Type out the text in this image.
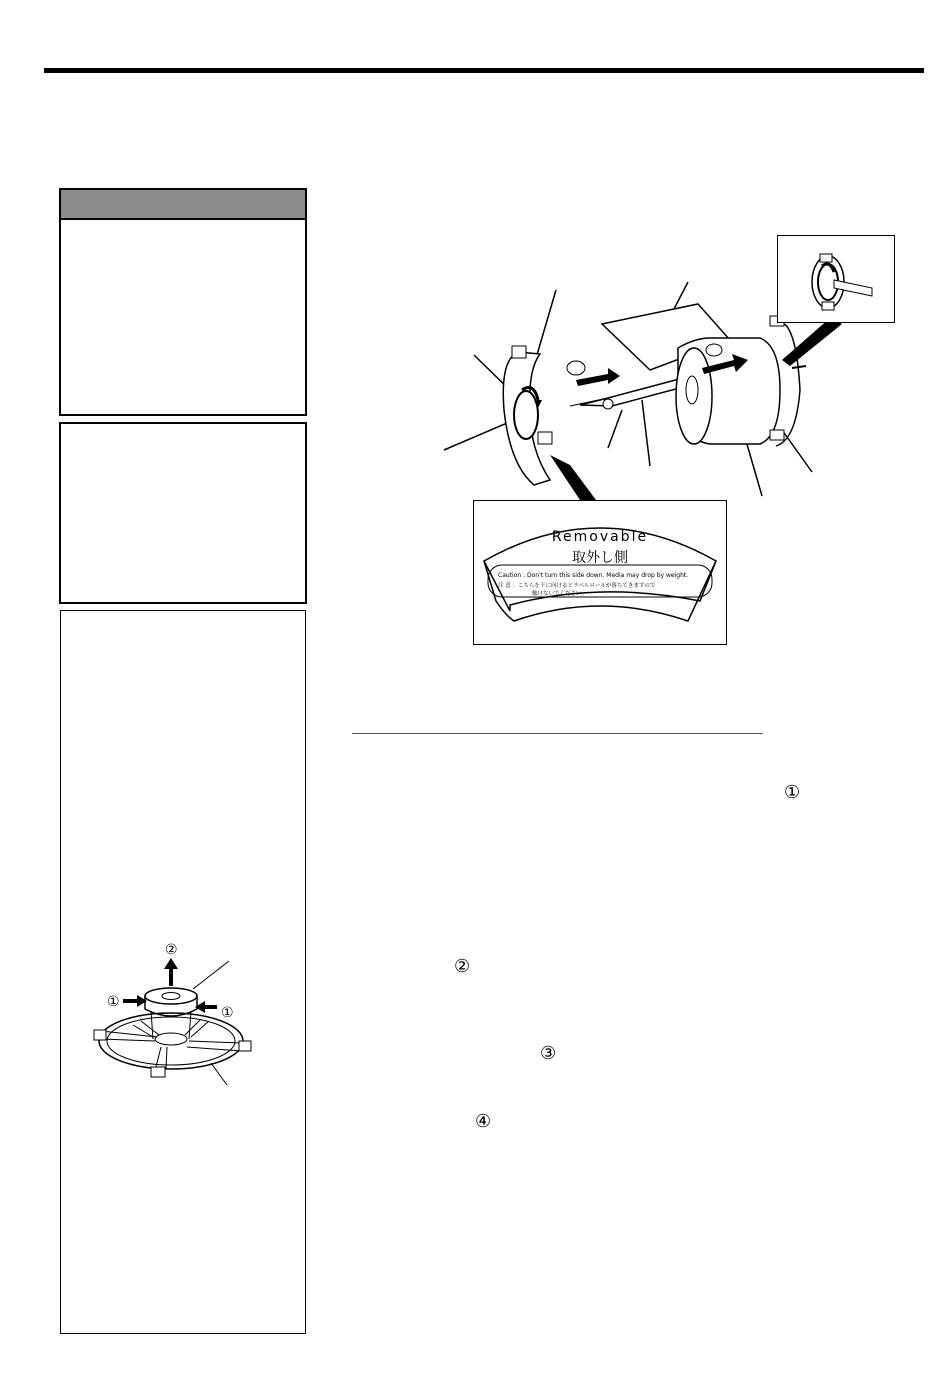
②
①
①
Removable
取外し側
Caution : Don't turn this side down. Media may drop by weight.
注 意 ：こちらを下に向けるとラベルロールが落ちてきますので
触けないでください。
①
②
③
④
